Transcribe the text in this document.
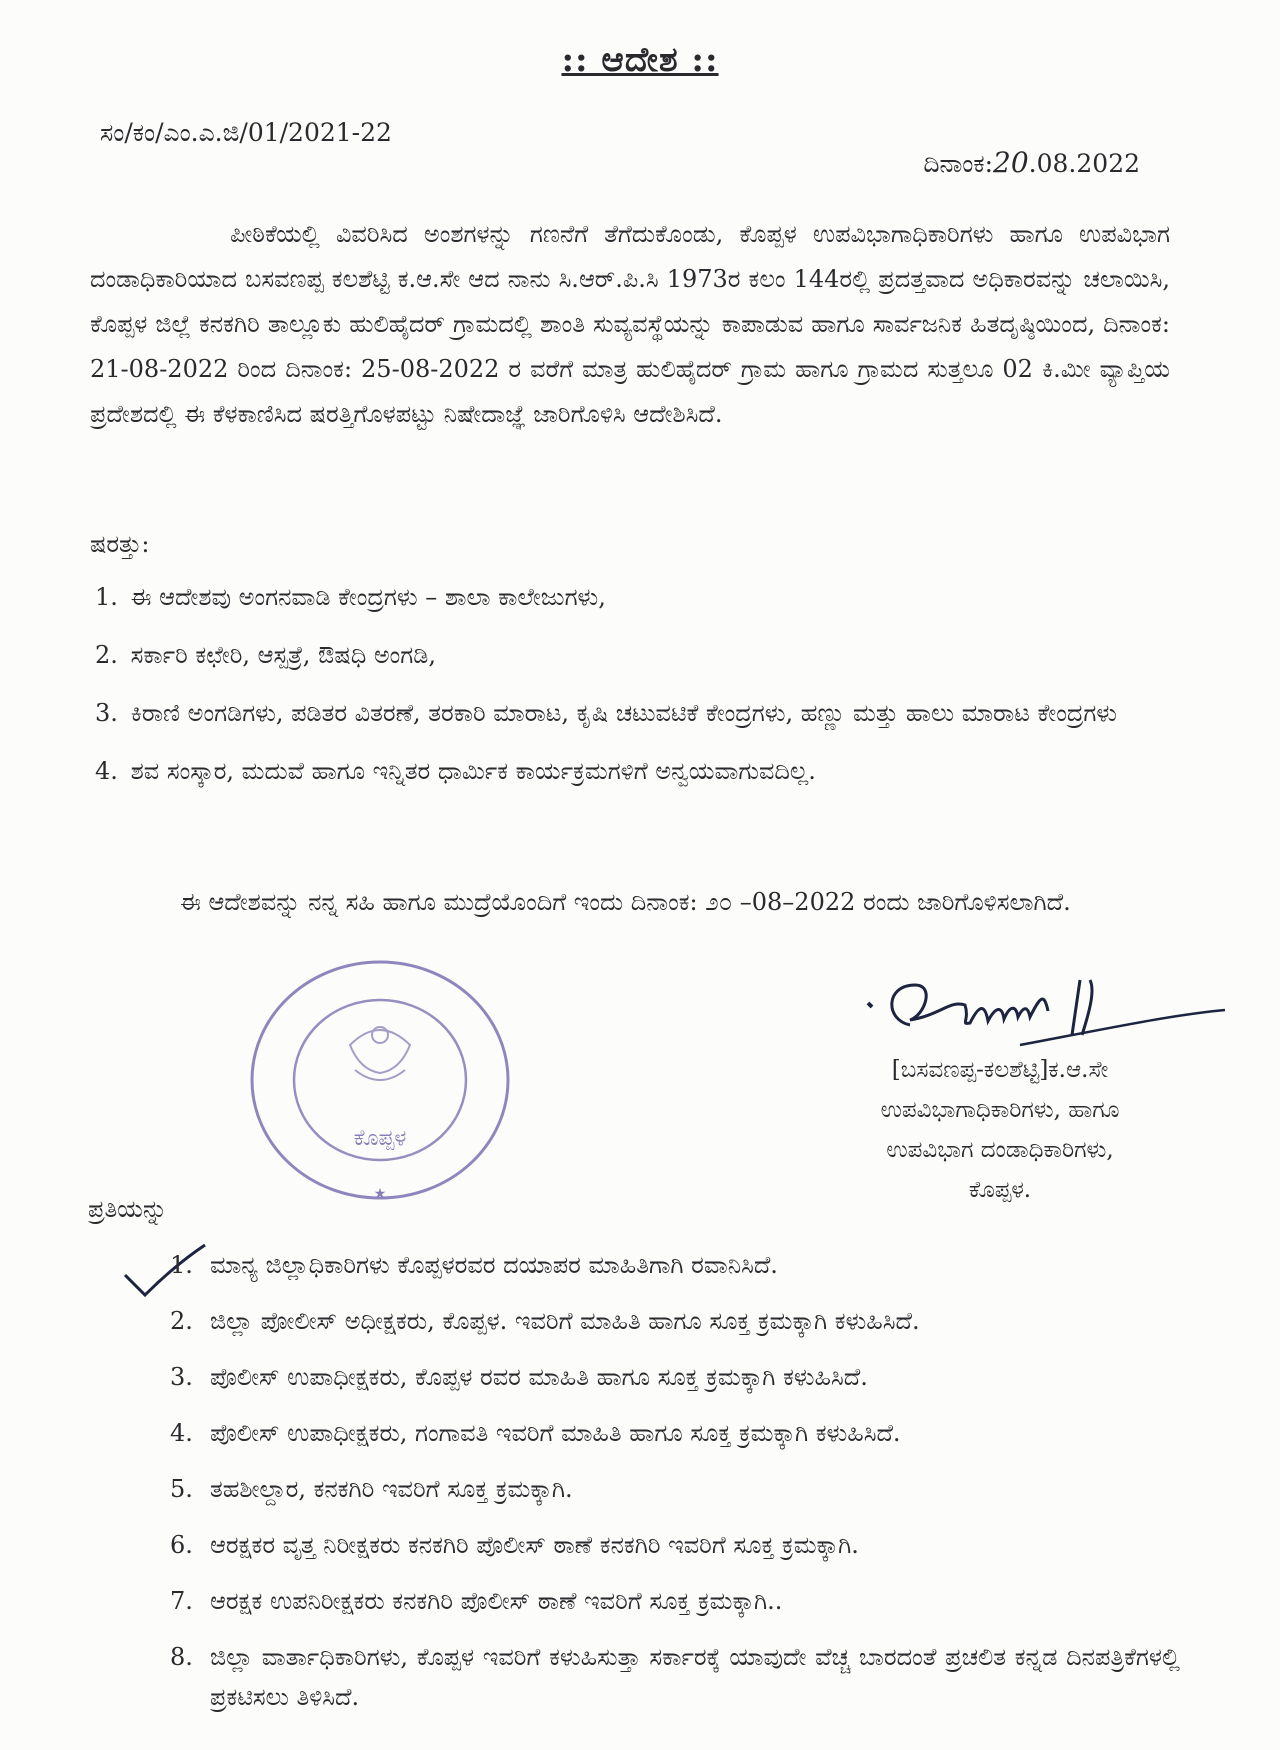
:: ಆದೇಶ ::
ಸಂ/ಕಂ/ಎಂ.ಎ.ಜಿ/01/2021-22
ದಿನಾಂಕ:20.08.2022
ಪೀಠಿಕೆಯಲ್ಲಿ ವಿವರಿಸಿದ ಅಂಶಗಳನ್ನು ಗಣನೆಗೆ ತೆಗೆದುಕೊಂಡು, ಕೊಪ್ಪಳ ಉಪವಿಭಾಗಾಧಿಕಾರಿಗಳು ಹಾಗೂ ಉಪವಿಭಾಗ ದಂಡಾಧಿಕಾರಿಯಾದ ಬಸವಣಪ್ಪ ಕಲಶೆಟ್ಟಿ ಕ.ಆ.ಸೇ ಆದ ನಾನು ಸಿ.ಆರ್.ಪಿ.ಸಿ 1973ರ ಕಲಂ 144ರಲ್ಲಿ ಪ್ರದತ್ತವಾದ ಅಧಿಕಾರವನ್ನು ಚಲಾಯಿಸಿ, ಕೊಪ್ಪಳ ಜಿಲ್ಲೆ ಕನಕಗಿರಿ ತಾಲ್ಲೂಕು ಹುಲಿಹೈದರ್ ಗ್ರಾಮದಲ್ಲಿ ಶಾಂತಿ ಸುವ್ಯವಸ್ಥೆಯನ್ನು ಕಾಪಾಡುವ ಹಾಗೂ ಸಾರ್ವಜನಿಕ ಹಿತದೃಷ್ಠಿಯಿಂದ, ದಿನಾಂಕ: 21-08-2022 ರಿಂದ ದಿನಾಂಕ: 25-08-2022 ರ ವರೆಗೆ ಮಾತ್ರ ಹುಲಿಹೈದರ್ ಗ್ರಾಮ ಹಾಗೂ ಗ್ರಾಮದ ಸುತ್ತಲೂ 02 ಕಿ.ಮೀ ವ್ಯಾಪ್ತಿಯ ಪ್ರದೇಶದಲ್ಲಿ ಈ ಕೆಳಕಾಣಿಸಿದ ಷರತ್ತಿಗೊಳಪಟ್ಟು ನಿಷೇದಾಜ್ಞೆ ಜಾರಿಗೊಳಿಸಿ ಆದೇಶಿಸಿದೆ.
ಷರತ್ತು:
1. ಈ ಆದೇಶವು ಅಂಗನವಾಡಿ ಕೇಂದ್ರಗಳು – ಶಾಲಾ ಕಾಲೇಜುಗಳು,
2. ಸರ್ಕಾರಿ ಕಛೇರಿ, ಆಸ್ಪತ್ರೆ, ಔಷಧಿ ಅಂಗಡಿ,
3. ಕಿರಾಣಿ ಅಂಗಡಿಗಳು, ಪಡಿತರ ವಿತರಣೆ, ತರಕಾರಿ ಮಾರಾಟ, ಕೃಷಿ ಚಟುವಟಿಕೆ ಕೇಂದ್ರಗಳು, ಹಣ್ಣು ಮತ್ತು ಹಾಲು ಮಾರಾಟ ಕೇಂದ್ರಗಳು
4. ಶವ ಸಂಸ್ಕಾರ, ಮದುವೆ ಹಾಗೂ ಇನ್ನಿತರ ಧಾರ್ಮಿಕ ಕಾರ್ಯಕ್ರಮಗಳಿಗೆ ಅನ್ವಯವಾಗುವದಿಲ್ಲ.
ಈ ಆದೇಶವನ್ನು ನನ್ನ ಸಹಿ ಹಾಗೂ ಮುದ್ರೆಯೊಂದಿಗೆ ಇಂದು ದಿನಾಂಕ: ೨೦ –08–2022 ರಂದು ಜಾರಿಗೊಳಿಸಲಾಗಿದೆ.
ಕೊಪ್ಪಳ
★
[ಬಸವಣಪ್ಪ-ಕಲಶೆಟ್ಟಿ]ಕ.ಆ.ಸೇ
ಉಪವಿಭಾಗಾಧಿಕಾರಿಗಳು, ಹಾಗೂ
ಉಪವಿಭಾಗ ದಂಡಾಧಿಕಾರಿಗಳು,
ಕೊಪ್ಪಳ.
ಪ್ರತಿಯನ್ನು
1. ಮಾನ್ಯ ಜಿಲ್ಲಾಧಿಕಾರಿಗಳು ಕೊಪ್ಪಳರವರ ದಯಾಪರ ಮಾಹಿತಿಗಾಗಿ ರವಾನಿಸಿದೆ.
2. ಜಿಲ್ಲಾ ಪೋಲೀಸ್ ಅಧೀಕ್ಷಕರು, ಕೊಪ್ಪಳ. ಇವರಿಗೆ ಮಾಹಿತಿ ಹಾಗೂ ಸೂಕ್ತ ಕ್ರಮಕ್ಕಾಗಿ ಕಳುಹಿಸಿದೆ.
3. ಪೊಲೀಸ್ ಉಪಾಧೀಕ್ಷಕರು, ಕೊಪ್ಪಳ ರವರ ಮಾಹಿತಿ ಹಾಗೂ ಸೂಕ್ತ ಕ್ರಮಕ್ಕಾಗಿ ಕಳುಹಿಸಿದೆ.
4. ಪೊಲೀಸ್ ಉಪಾಧೀಕ್ಷಕರು, ಗಂಗಾವತಿ ಇವರಿಗೆ ಮಾಹಿತಿ ಹಾಗೂ ಸೂಕ್ತ ಕ್ರಮಕ್ಕಾಗಿ ಕಳುಹಿಸಿದೆ.
5. ತಹಶೀಲ್ದಾರ, ಕನಕಗಿರಿ ಇವರಿಗೆ ಸೂಕ್ತ ಕ್ರಮಕ್ಕಾಗಿ.
6. ಆರಕ್ಷಕರ ವೃತ್ತ ನಿರೀಕ್ಷಕರು ಕನಕಗಿರಿ ಪೊಲೀಸ್ ಠಾಣೆ ಕನಕಗಿರಿ ಇವರಿಗೆ ಸೂಕ್ತ ಕ್ರಮಕ್ಕಾಗಿ.
7. ಆರಕ್ಷಕ ಉಪನಿರೀಕ್ಷಕರು ಕನಕಗಿರಿ ಪೊಲೀಸ್ ಠಾಣೆ ಇವರಿಗೆ ಸೂಕ್ತ ಕ್ರಮಕ್ಕಾಗಿ..
8. ಜಿಲ್ಲಾ ವಾರ್ತಾಧಿಕಾರಿಗಳು, ಕೊಪ್ಪಳ ಇವರಿಗೆ ಕಳುಹಿಸುತ್ತಾ ಸರ್ಕಾರಕ್ಕೆ ಯಾವುದೇ ವೆಚ್ಚ ಬಾರದಂತೆ ಪ್ರಚಲಿತ ಕನ್ನಡ ದಿನಪತ್ರಿಕೆಗಳಲ್ಲಿ ಪ್ರಕಟಿಸಲು ತಿಳಿಸಿದೆ.
